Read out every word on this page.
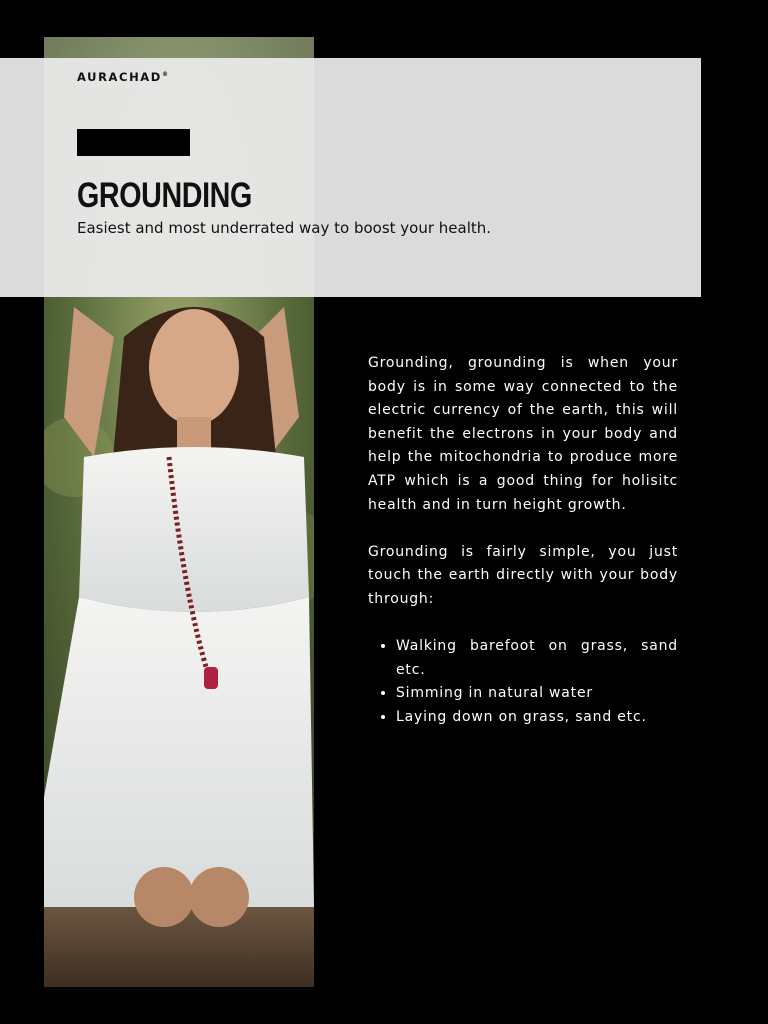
AURACHAD®
GROUNDING
Easiest and most underrated way to boost your health.

Grounding, grounding is when your body is in some way connected to the electric currency of the earth, this will benefit the electrons in your body and help the mitochondria to produce more ATP which is a good thing for holisitc health and in turn height growth.

Grounding is fairly simple, you just touch the earth directly with your body through:

• Walking barefoot on grass, sand etc.
• Simming in natural water
• Laying down on grass, sand etc.
